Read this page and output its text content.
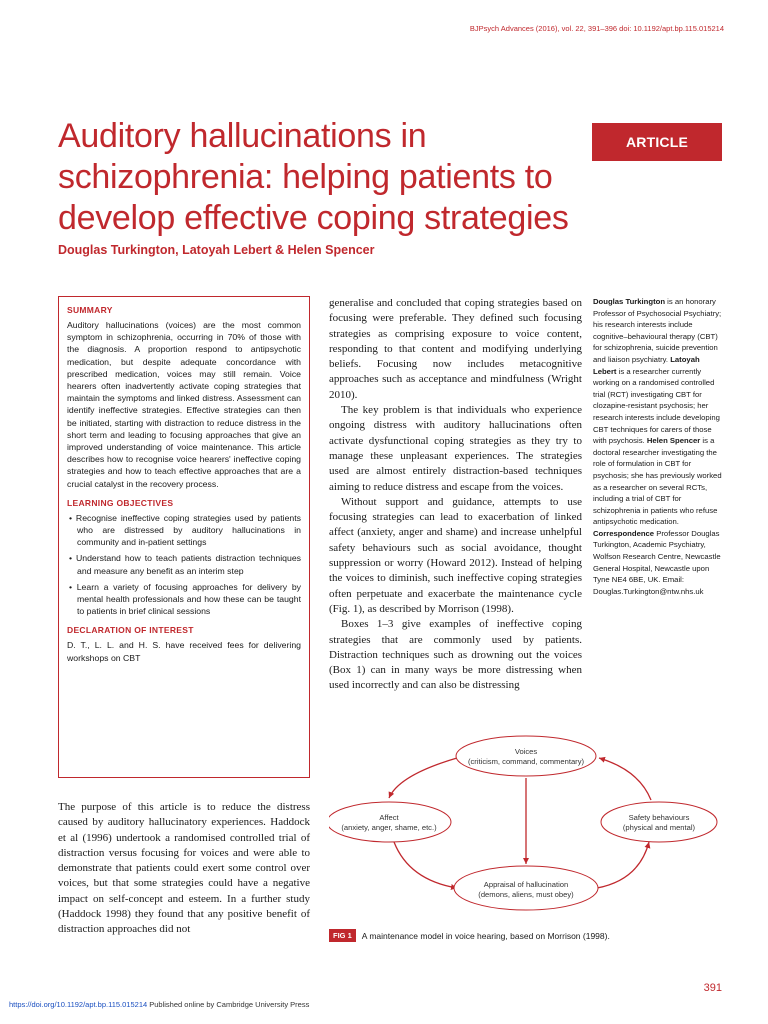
BJPsych Advances (2016), vol. 22, 391–396 doi: 10.1192/apt.bp.115.015214
Auditory hallucinations in schizophrenia: helping patients to develop effective coping strategies
ARTICLE
Douglas Turkington, Latoyah Lebert & Helen Spencer
SUMMARY

Auditory hallucinations (voices) are the most common symptom in schizophrenia, occurring in 70% of those with the diagnosis. A proportion respond to antipsychotic medication, but despite adequate concordance with prescribed medication, voices may still remain. Voice hearers often inadvertently activate coping strategies that maintain the symptoms and linked distress. Assessment can identify ineffective strategies. Effective strategies can then be initiated, starting with distraction to reduce distress in the short term and leading to focusing approaches that give an improved understanding of voice maintenance. This article describes how to recognise voice hearers' ineffective coping strategies and how to teach effective approaches that are a crucial catalyst in the recovery process.

LEARNING OBJECTIVES
• Recognise ineffective coping strategies used by patients who are distressed by auditory hallucinations in community and in-patient settings
• Understand how to teach patients distraction techniques and measure any benefit as an interim step
• Learn a variety of focusing approaches for delivery by mental health professionals and how these can be taught to patients in brief clinical sessions
DECLARATION OF INTEREST

D. T., L. L. and H. S. have received fees for delivering workshops on CBT

The purpose of this article is to reduce the distress caused by auditory hallucinatory experiences. Haddock et al (1996) undertook a randomised controlled trial of distraction versus focusing for voices and were able to demonstrate that patients could exert some control over voices, but that some strategies could have a negative impact on self-concept and esteem. In a further study (Haddock 1998) they found that any positive benefit of distraction approaches did not

generalise and concluded that coping strategies based on focusing were preferable. They defined such focusing strategies as comprising exposure to voice content, responding to that content and modifying underlying beliefs. Focusing now includes metacognitive approaches such as acceptance and mindfulness (Wright 2010).

The key problem is that individuals who experience ongoing distress with auditory hallucinations often activate dysfunctional coping strategies as they try to manage these unpleasant experiences. The strategies used are almost entirely distraction-based techniques aiming to reduce distress and escape from the voices.

Without support and guidance, attempts to use focusing strategies can lead to exacerbation of linked affect (anxiety, anger and shame) and increase unhelpful safety behaviours such as social avoidance, thought suppression or worry (Howard 2012). Instead of helping the voices to diminish, such ineffective coping strategies often perpetuate and exacerbate the maintenance cycle (Fig. 1), as described by Morrison (1998).

Boxes 1–3 give examples of ineffective coping strategies that are commonly used by patients. Distraction techniques such as drowning out the voices (Box 1) can in many ways be more distressing when used incorrectly and can also be distressing

Douglas Turkington is an honorary Professor of Psychosocial Psychiatry; his research interests include cognitive–behavioural therapy (CBT) for schizophrenia, suicide prevention and liaison psychiatry. Latoyah Lebert is a researcher currently working on a randomised controlled trial (RCT) investigating CBT for clozapine-resistant psychosis; her research interests include developing CBT techniques for carers of those with psychosis. Helen Spencer is a doctoral researcher investigating the role of formulation in CBT for psychosis; she has previously worked as a researcher on several RCTs, including a trial of CBT for schizophrenia in patients who refuse antipsychotic medication. Correspondence Professor Douglas Turkington, Academic Psychiatry, Wolfson Research Centre, Newcastle General Hospital, Newcastle upon Tyne NE4 6BE, UK. Email: Douglas.Turkington@ntw.nhs.uk

Voices
(criticism, command, commentary)
Affect
(anxiety, anger, shame, etc.)
Safety behaviours
(physical and mental)
Appraisal of hallucination
(demons, aliens, must obey)
FIG 1	A maintenance model in voice hearing, based on Morrison (1998).
391
https://doi.org/10.1192/apt.bp.115.015214 Published online by Cambridge University Press
